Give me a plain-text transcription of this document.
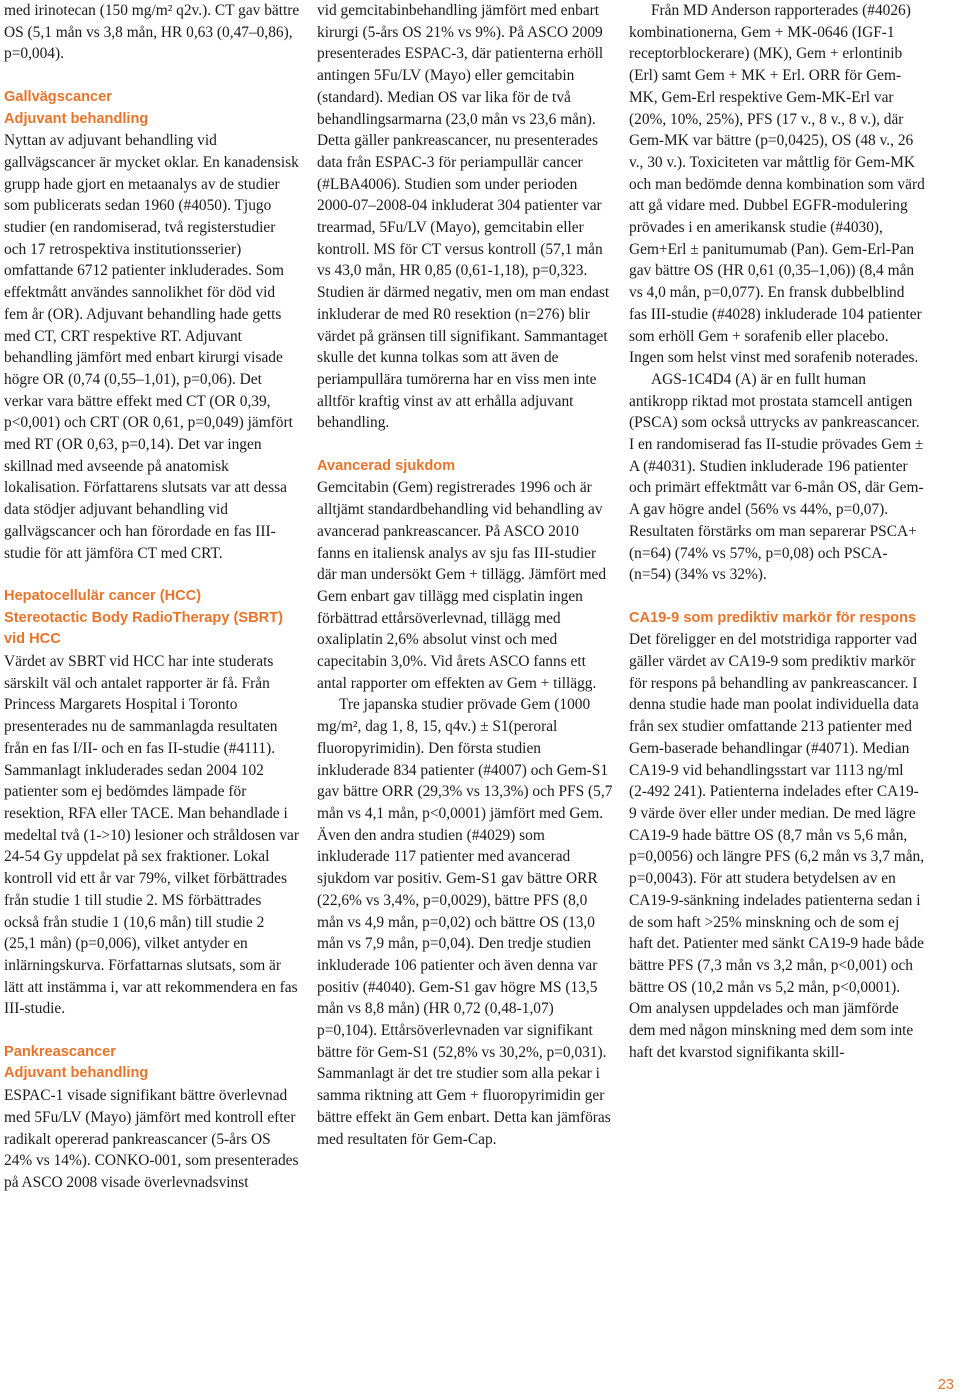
med irinotecan (150 mg/m² q2v.). CT gav bättre OS (5,1 mån vs 3,8 mån, HR 0,63 (0,47–0,86), p=0,004).

Gallvägscancer
Adjuvant behandling

Nyttan av adjuvant behandling vid gallvägscancer är mycket oklar. En kanadensisk grupp hade gjort en metaanalys av de studier som publicerats sedan 1960 (#4050). Tjugo studier (en randomiserad, två registerstudier och 17 retrospektiva institutionsserier) omfattande 6712 patienter inkluderades. Som effektmått användes sannolikhet för död vid fem år (OR). Adjuvant behandling hade getts med CT, CRT respektive RT. Adjuvant behandling jämfört med enbart kirurgi visade högre OR (0,74 (0,55–1,01), p=0,06). Det verkar vara bättre effekt med CT (OR 0,39, p<0,001) och CRT (OR 0,61, p=0,049) jämfört med RT (OR 0,63, p=0,14). Det var ingen skillnad med avseende på anatomisk lokalisation. Författarens slutsats var att dessa data stödjer adjuvant behandling vid gallvägscancer och han förordade en fas III-studie för att jämföra CT med CRT.

Hepatocellulär cancer (HCC)
Stereotactic Body RadioTherapy (SBRT) vid HCC

Värdet av SBRT vid HCC har inte studerats särskilt väl och antalet rapporter är få. Från Princess Margarets Hospital i Toronto presenterades nu de sammanlagda resultaten från en fas I/II- och en fas II-studie (#4111). Sammanlagt inkluderades sedan 2004 102 patienter som ej bedömdes lämpade för resektion, RFA eller TACE. Man behandlade i medeltal två (1->10) lesioner och stråldosen var 24-54 Gy uppdelat på sex fraktioner. Lokal kontroll vid ett år var 79%, vilket förbättrades från studie 1 till studie 2. MS förbättrades också från studie 1 (10,6 mån) till studie 2 (25,1 mån) (p=0,006), vilket antyder en inlärningskurva. Författarnas slutsats, som är lätt att instämma i, var att rekommendera en fas III-studie.

Pankreascancer
Adjuvant behandling

ESPAC-1 visade signifikant bättre överlevnad med 5Fu/LV (Mayo) jämfört med kontroll efter radikalt opererad pankreascancer (5-års OS 24% vs 14%). CONKO-001, som presenterades på ASCO 2008 visade överlevnadsvinst

vid gemcitabinbehandling jämfört med enbart kirurgi (5-års OS 21% vs 9%). På ASCO 2009 presenterades ESPAC-3, där patienterna erhöll antingen 5Fu/LV (Mayo) eller gemcitabin (standard). Median OS var lika för de två behandlingsarmarna (23,0 mån vs 23,6 mån). Detta gäller pankreascancer, nu presenterades data från ESPAC-3 för periampullär cancer (#LBA4006). Studien som under perioden 2000-07–2008-04 inkluderat 304 patienter var trearmad, 5Fu/LV (Mayo), gemcitabin eller kontroll. MS för CT versus kontroll (57,1 mån vs 43,0 mån, HR 0,85 (0,61-1,18), p=0,323. Studien är därmed negativ, men om man endast inkluderar de med R0 resektion (n=276) blir värdet på gränsen till signifikant. Sammantaget skulle det kunna tolkas som att även de periampullära tumörerna har en viss men inte alltför kraftig vinst av att erhålla adjuvant behandling.

Avancerad sjukdom

Gemcitabin (Gem) registrerades 1996 och är alltjämt standardbehandling vid behandling av avancerad pankreascancer. På ASCO 2010 fanns en italiensk analys av sju fas III-studier där man undersökt Gem + tillägg. Jämfört med Gem enbart gav tillägg med cisplatin ingen förbättrad ettårsöverlevnad, tillägg med oxaliplatin 2,6% absolut vinst och med capecitabin 3,0%. Vid årets ASCO fanns ett antal rapporter om effekten av Gem + tillägg.

Tre japanska studier prövade Gem (1000 mg/m², dag 1, 8, 15, q4v.) ± S1(peroral fluoropyrimidin). Den första studien inkluderade 834 patienter (#4007) och Gem-S1 gav bättre ORR (29,3% vs 13,3%) och PFS (5,7 mån vs 4,1 mån, p<0,0001) jämfört med Gem. Även den andra studien (#4029) som inkluderade 117 patienter med avancerad sjukdom var positiv. Gem-S1 gav bättre ORR (22,6% vs 3,4%, p=0,0029), bättre PFS (8,0 mån vs 4,9 mån, p=0,02) och bättre OS (13,0 mån vs 7,9 mån, p=0,04). Den tredje studien inkluderade 106 patienter och även denna var positiv (#4040). Gem-S1 gav högre MS (13,5 mån vs 8,8 mån) (HR 0,72 (0,48-1,07) p=0,104). Ettårsöverlevnaden var signifikant bättre för Gem-S1 (52,8% vs 30,2%, p=0,031). Sammanlagt är det tre studier som alla pekar i samma riktning att Gem + fluoropyrimidin ger bättre effekt än Gem enbart. Detta kan jämföras med resultaten för Gem-Cap.

Från MD Anderson rapporterades (#4026) kombinationerna, Gem + MK-0646 (IGF-1 receptorblockerare) (MK), Gem + erlontinib (Erl) samt Gem + MK + Erl. ORR för Gem-MK, Gem-Erl respektive Gem-MK-Erl var (20%, 10%, 25%), PFS (17 v., 8 v., 8 v.), där Gem-MK var bättre (p=0,0425), OS (48 v., 26 v., 30 v.). Toxiciteten var måttlig för Gem-MK och man bedömde denna kombination som värd att gå vidare med. Dubbel EGFR-modulering prövades i en amerikansk studie (#4030), Gem+Erl ± panitumumab (Pan). Gem-Erl-Pan gav bättre OS (HR 0,61 (0,35–1,06)) (8,4 mån vs 4,0 mån, p=0,077). En fransk dubbelblind fas III-studie (#4028) inkluderade 104 patienter som erhöll Gem + sorafenib eller placebo. Ingen som helst vinst med sorafenib noterades.

AGS-1C4D4 (A) är en fullt human antikropp riktad mot prostata stamcell antigen (PSCA) som också uttrycks av pankreascancer. I en randomiserad fas II-studie prövades Gem ± A (#4031). Studien inkluderade 196 patienter och primärt effektmått var 6-mån OS, där Gem-A gav högre andel (56% vs 44%, p=0,07). Resultaten förstärks om man separerar PSCA+ (n=64) (74% vs 57%, p=0,08) och PSCA- (n=54) (34% vs 32%).

CA19-9 som prediktiv markör för respons

Det föreligger en del motstridiga rapporter vad gäller värdet av CA19-9 som prediktiv markör för respons på behandling av pankreascancer. I denna studie hade man poolat individuella data från sex studier omfattande 213 patienter med Gem-baserade behandlingar (#4071). Median CA19-9 vid behandlingsstart var 1113 ng/ml (2-492 241). Patienterna indelades efter CA19-9 värde över eller under median. De med lägre CA19-9 hade bättre OS (8,7 mån vs 5,6 mån, p=0,0056) och längre PFS (6,2 mån vs 3,7 mån, p=0,0043). För att studera betydelsen av en CA19-9-sänkning indelades patienterna sedan i de som haft >25% minskning och de som ej haft det. Patienter med sänkt CA19-9 hade både bättre PFS (7,3 mån vs 3,2 mån, p<0,001) och bättre OS (10,2 mån vs 5,2 mån, p<0,0001). Om analysen uppdelades och man jämförde dem med någon minskning med dem som inte haft det kvarstod signifikanta skill-

23
